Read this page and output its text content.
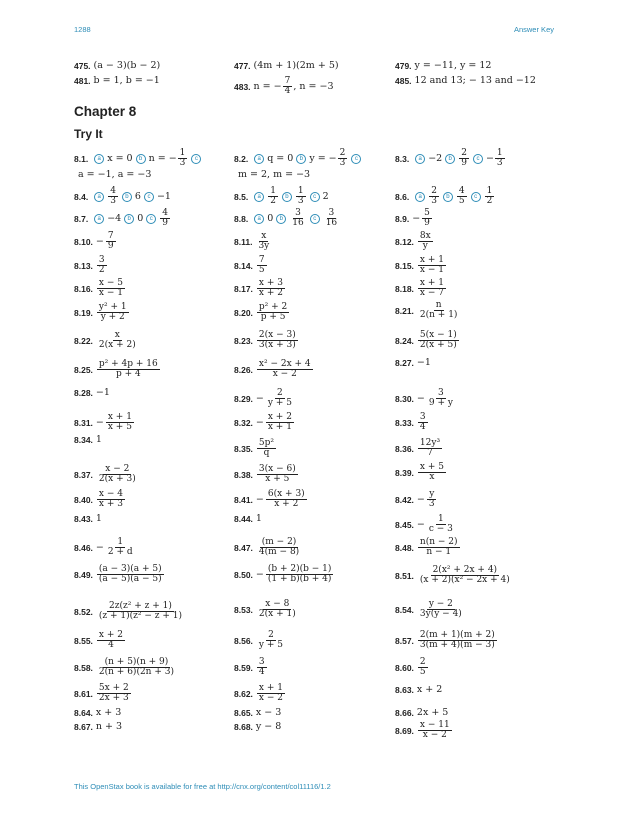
1288	Answer Key
475. (a − 3)(b − 2)	477. (4m + 1)(2m + 5)	479. y = −11, y = 12
481. b = 1, b = −1
483. n = − $\frac{7}{4}$ , n = −3
485. 12 and 13; − 13 and −12
Chapter 8
Try It
8.1.	a x = 0	b n = − $\frac{1}{3}$	c
a = −1, a = −3
8.2.	a q = 0	b y = − $\frac{2}{3}$	c
m = 2, m = −3
8.3.	a −2	b $\frac{2}{9}$	$c - \frac{1}{3}$
8.4.	a $\frac{4}{3}$	b 6	c −1	8.5.	a $\frac{1}{2}$	b $\frac{1}{3}$	c 2	8.6.	a $\frac{2}{3}$	b $\frac{4}{5}$	c $\frac{1}{2}$
8.7.	a −4	b 0	c $\frac{4}{9}$	8.8.	a 0	b $\frac{3}{16}$	c $\frac{3}{16}$	8.9. − $\frac{5}{9}$
8.10. − $\frac{7}{9}$	8.11. $\frac{x}{3y}$	8.12. $\frac{8x}{y}$
8.13. $\frac{3}{2}$	8.14. $\frac{7}{5}$	8.15. $\frac{x + 1}{x - 1}$
8.16. $\frac{x - 5}{x - 1}$	8.17. $\frac{x + 3}{x + 2}$	8.18. $\frac{x + 1}{x - 7}$
8.19. $\frac{\text{y² + 1}}{y + 2}$	8.20. $\frac{\text{p² + 2}}{p + 5}$	8.21. $\frac{n}{2(n + 1)}$
8.22. $\frac{x}{2(x + 2)}$	8.23. $\frac{2(x - 3)}{3(x + 3)}$	8.24. $\frac{5(x - 1)}{2(x + 5)}$
8.25. $\frac{\text{p² + 4p + 16}}{p + 4}$	8.26. $\frac{\text{x² − 2x + 4}}{x - 2}$	8.27. −1
8.28. −1
8.29. − $\frac{2}{y + 5}$	8.30. − $\frac{3}{9 + y}$
8.31. − $\frac{x + 1}{x + 5}$	8.32. − $\frac{x + 2}{x + 1}$	8.33. $\frac{3}{4}$
8.34. 1
8.35. $\frac{\text{5p²}}{q}$	8.36. $\frac{\text{12y³}}{7}$
8.37. $\frac{x - 2}{2(x + 3)}$	8.38. $\frac{3(x - 6)}{x + 5}$	8.39. $\frac{x + 5}{x}$
8.40. $\frac{x - 4}{x + 3}$	8.41. − $\frac{6(x + 3)}{x + 2}$	8.42. − $\frac{y}{3}$
8.43. 1	8.44. 1
8.45. − $\frac{1}{c - 3}$
8.46. − $\frac{1}{2 + d}$	8.47. $\frac{(m - 2)}{4(m - 8)}$	8.48. $\frac{n(n - 2)}{n - 1}$
8.49. $\frac{(a - 3)(a + 5)}{(a - 5)(a - 5)}$	8.50. − $\frac{(b + 2)(b - 1)}{(1 + b)(b + 4)}$	8.51. $\frac{\text{2(x² + 2x + 4)}}{\text{(x + 2)(x² − 2x + 4)}}$
8.52. $\frac{\text{2z(z² + z + 1)}}{\text{(z + 1)(z² − z + 1)}}$	8.53. $\frac{x - 8}{2(x + 1)}$	8.54. $\frac{y - 2}{3y(y - 4)}$
8.55. $\frac{x + 2}{4}$	8.56. $\frac{2}{y + 5}$	8.57. $\frac{2(m + 1)(m + 2)}{3(m + 4)(m - 3)}$
8.58. $\frac{(n + 5)(n + 9)}{2(n + 6)(2n + 3)}$	8.59. $\frac{3}{4}$	8.60. $\frac{2}{5}$
8.61. $\frac{5x + 2}{2x + 3}$	8.62. $\frac{x + 1}{x - 2}$	8.63. x + 2
8.64. x + 3	8.65. x − 3	8.66. 2x + 5
8.67. n + 3	8.68. y − 8	8.69. $\frac{x - 11}{x - 2}$
This OpenStax book is available for free at http://cnx.org/content/col11116/1.2
